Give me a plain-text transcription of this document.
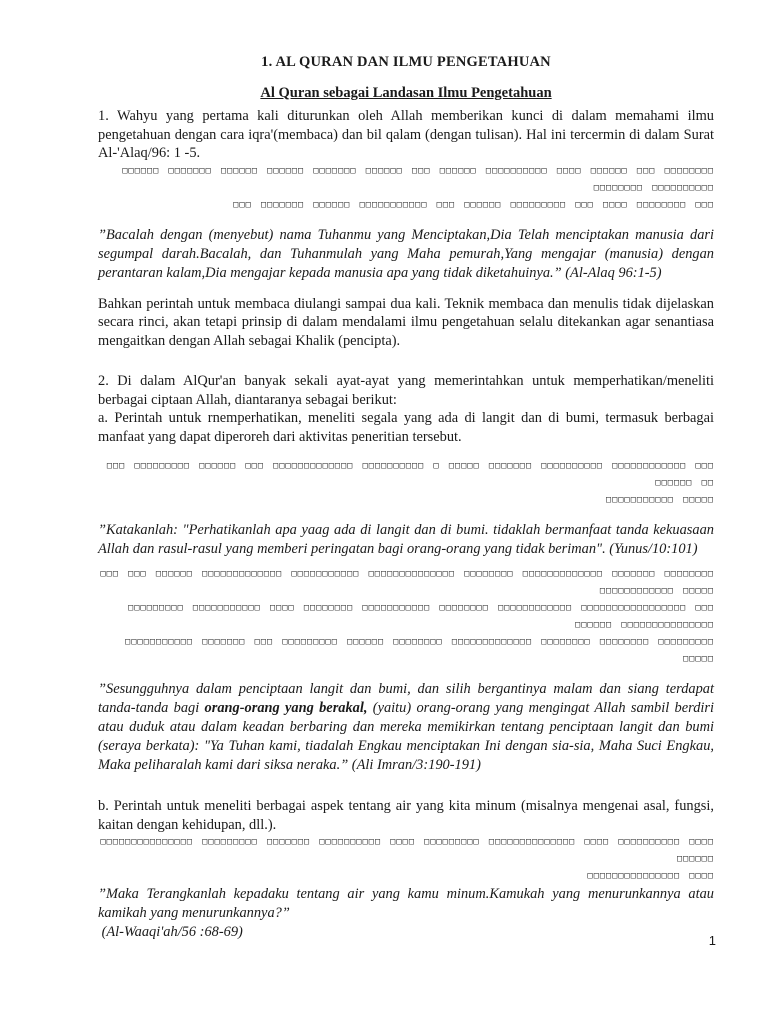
1. AL QURAN DAN ILMU PENGETAHUAN
Al Quran sebagai Landasan Ilmu Pengetahuan

1. Wahyu yang pertama kali diturunkan oleh Allah memberikan kunci di dalam memahami ilmu pengetahuan dengan cara iqra'(membaca) dan bil qalam (dengan tulisan). Hal ini tercermin di dalam Surat Al-'Alaq/96: 1 -5.

□□□□□□ □□□□□□□ □□□□□□ □□□□□□ □□□□□□□ □□□□□□ □□□ □□□□□□ □□□□□□□□□□ □□□□ □□□□□□ □□□ □□□□□□□□ □□□□□□□□ □□□□□□□□□□
□□□ □□□□□□□ □□□□□□ □□□□□□□□□□□ □□□ □□□□□□ □□□□□□□□□ □□□ □□□□ □□□□□□□□ □□□

”Bacalah dengan (menyebut) nama Tuhanmu yang Menciptakan,Dia Telah menciptakan manusia dari segumpal darah.Bacalah, dan Tuhanmulah yang Maha pemurah,Yang mengajar (manusia) dengan perantaran kalam,Dia mengajar kepada manusia apa yang tidak diketahuinya.” (Al-Alaq 96:1-5)

Bahkan perintah untuk membaca diulangi sampai dua kali. Teknik membaca dan menulis tidak dijelaskan secara rinci, akan tetapi prinsip di dalam mendalami ilmu pengetahuan selalu ditekankan agar senantiasa mengaitkan dengan Allah sebagai Khalik (pencipta).

2. Di dalam AlQur'an banyak sekali ayat-ayat yang memerintahkan untuk memperhatikan/meneliti berbagai ciptaan Allah, diantaranya sebagai berikut:

a. Perintah untuk rnemperhatikan, meneliti segala yang ada di langit dan di bumi, termasuk berbagai manfaat yang dapat diperoreh dari aktivitas peneritian tersebut.

□□□ □□□□□□□□□ □□□□□□ □□□ □□□□□□□□□□□□□ □□□□□□□□□□ □ □□□□□ □□□□□□□ □□□□□□□□□□ □□□□□□□□□□□□ □□□ □□□□□□ □□
□□□□□□□□□□□ □□□□□

”Katakanlah: "Perhatikanlah apa yaag ada di langit dan di bumi. tidaklah bermanfaat tanda kekuasaan Allah dan rasul-rasul yang memberi peringatan bagi orang-orang yang tidak beriman". (Yunus/10:101)

□□□ □□□ □□□□□□ □□□□□□□□□□□□□ □□□□□□□□□□□ □□□□□□□□□□□□□□ □□□□□□□□ □□□□□□□□□□□□□ □□□□□□□ □□□□□□□□ □□□□□□□□□□□□ □□□□□
□□□□□□□□□ □□□□□□□□□□□ □□□□ □□□□□□□□ □□□□□□□□□□□ □□□□□□□□ □□□□□□□□□□□□ □□□□□□□□□□□□□□□□□ □□□ □□□□□□ □□□□□□□□□□□□□□□
□□□□□□□□□□□ □□□□□□□ □□□ □□□□□□□□□ □□□□□□ □□□□□□□□ □□□□□□□□□□□□□ □□□□□□□□ □□□□□□□□ □□□□□□□□□ □□□□□

”Sesungguhnya dalam penciptaan langit dan bumi, dan silih bergantinya malam dan siang terdapat tanda-tanda bagi orang-orang yang berakal, (yaitu) orang-orang yang mengingat Allah sambil berdiri atau duduk atau dalam keadan berbaring dan mereka memikirkan tentang penciptaan langit dan bumi (seraya berkata): "Ya Tuhan kami, tiadalah Engkau menciptakan Ini dengan sia-sia, Maha Suci Engkau, Maka peliharalah kami dari siksa neraka.” (Ali Imran/3:190-191)

b. Perintah untuk meneliti berbagai aspek tentang air yang kita minum (misalnya mengenai asal, fungsi, kaitan dengan kehidupan, dll.).

□□□□□□□□□□□□□□□ □□□□□□□□□ □□□□□□□ □□□□□□□□□□ □□□□ □□□□□□□□□ □□□□□□□□□□□□□□ □□□□ □□□□□□□□□□ □□□□ □□□□□□
□□□□□□□□□□□□□□□ □□□□

”Maka Terangkanlah kepadaku tentang air yang kamu minum.Kamukah yang menurunkannya atau kamikah yang menurunkannya?”

(Al-Waaqi'ah/56 :68-69)

1
